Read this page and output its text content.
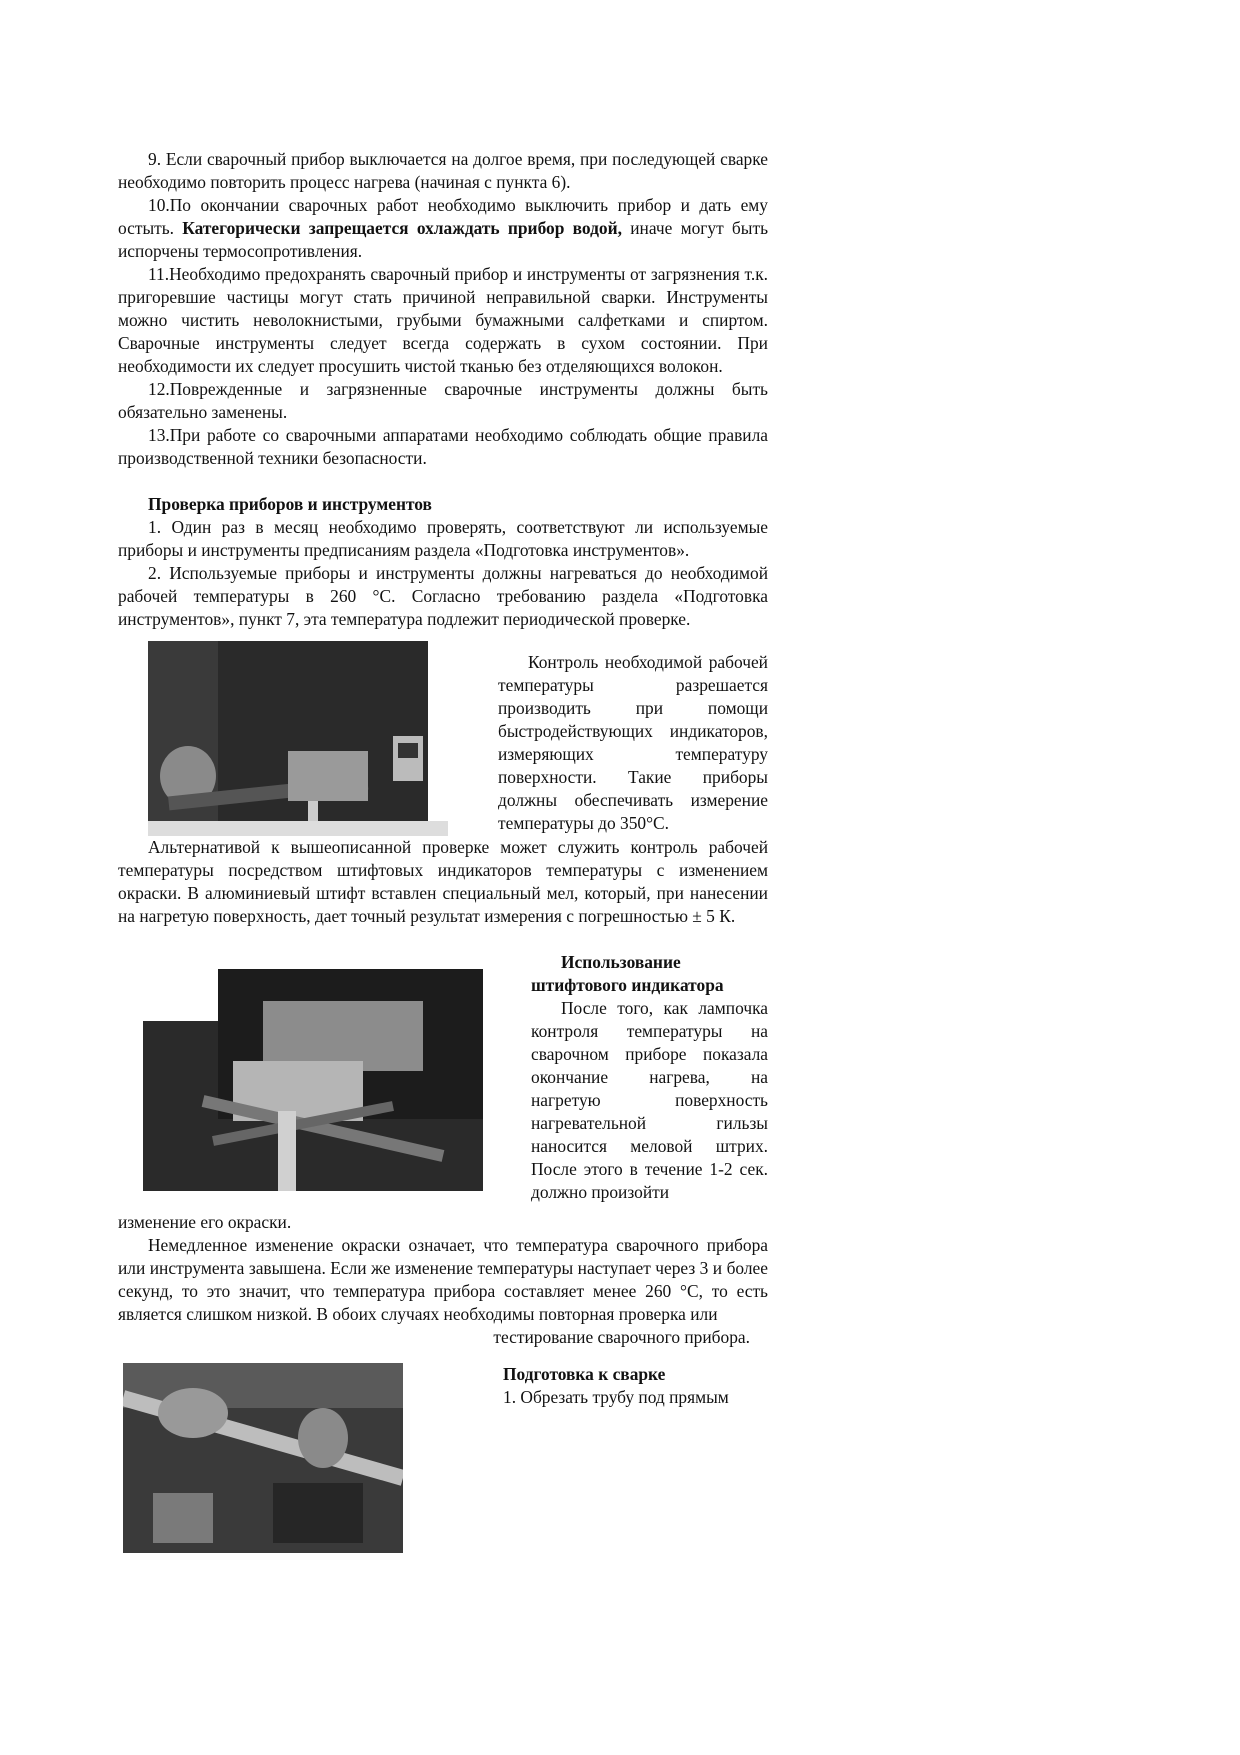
9. Если сварочный прибор выключается на долгое время, при последующей сварке необходимо повторить процесс нагрева (начиная с пункта 6).

10.По окончании сварочных работ необходимо выключить прибор и дать ему остыть. Категорически запрещается охлаждать прибор водой, иначе могут быть испорчены термосопротивления.

11.Необходимо предохранять сварочный прибор и инструменты от загрязнения т.к. пригоревшие частицы могут стать причиной неправильной сварки. Инструменты можно чистить неволокнистыми, грубыми бумажными салфетками и спиртом. Сварочные инструменты следует всегда содержать в сухом состоянии. При необходимости их следует просушить чистой тканью без отделяющихся волокон.

12.Поврежденные и загрязненные сварочные инструменты должны быть обязательно заменены.

13.При работе со сварочными аппаратами необходимо соблюдать общие правила производственной техники безопасности.

Проверка приборов и инструментов

1. Один раз в месяц необходимо проверять, соответствуют ли используемые приборы и инструменты предписаниям раздела «Подготовка инструментов».

2. Используемые приборы и инструменты должны нагреваться до необходимой рабочей температуры в 260 °С. Согласно требованию раздела «Подготовка инструментов», пункт 7, эта температура подлежит периодической проверке.

Контроль необходимой рабочей температуры разрешается производить при помощи быстродействующих индикаторов, измеряющих температуру поверхности. Такие приборы должны обеспечивать измерение температуры до 350°С.

Альтернативой к вышеописанной проверке может служить контроль рабочей температуры посредством штифтовых индикаторов температуры с изменением окраски. В алюминиевый штифт вставлен специальный мел, который, при нанесении на нагретую поверхность, дает точный результат измерения с погрешностью ± 5 К.

Использование штифтового индикатора

После того, как лампочка контроля температуры на сварочном приборе показала окончание нагрева, на нагретую поверхность нагревательной гильзы наносится меловой штрих. После этого в течение 1-2 сек. должно произойти

изменение его окраски.

Немедленное изменение окраски означает, что температура сварочного прибора или инструмента завышена. Если же изменение температуры наступает через 3 и более секунд, то это значит, что температура прибора составляет менее 260 °С, то есть является слишком низкой. В обоих случаях необходимы повторная проверка или

тестирование сварочного прибора.

Подготовка к сварке

1. Обрезать трубу под прямым
